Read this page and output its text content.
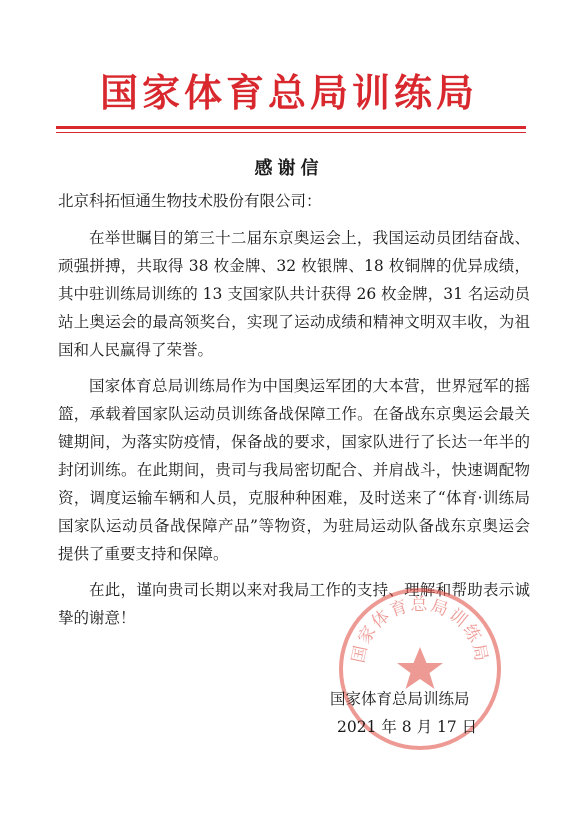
国家体育总局训练局
感谢信
北京科拓恒通生物技术股份有限公司：

在举世瞩目的第三十二届东京奥运会上，我国运动员团结奋战、顽强拼搏，共取得 38 枚金牌、32 枚银牌、18 枚铜牌的优异成绩，其中驻训练局训练的 13 支国家队共计获得 26 枚金牌，31 名运动员站上奥运会的最高领奖台，实现了运动成绩和精神文明双丰收，为祖国和人民赢得了荣誉。

国家体育总局训练局作为中国奥运军团的大本营，世界冠军的摇篮，承载着国家队运动员训练备战保障工作。在备战东京奥运会最关键期间，为落实防疫情，保备战的要求，国家队进行了长达一年半的封闭训练。在此期间，贵司与我局密切配合、并肩战斗，快速调配物资，调度运输车辆和人员，克服种种困难，及时送来了“体育·训练局国家队运动员备战保障产品”等物资，为驻局运动队备战东京奥运会提供了重要支持和保障。

在此，谨向贵司长期以来对我局工作的支持、理解和帮助表示诚挚的谢意！

国家体育总局训练局
国家体育总局训练局
2021 年 8 月 17 日
